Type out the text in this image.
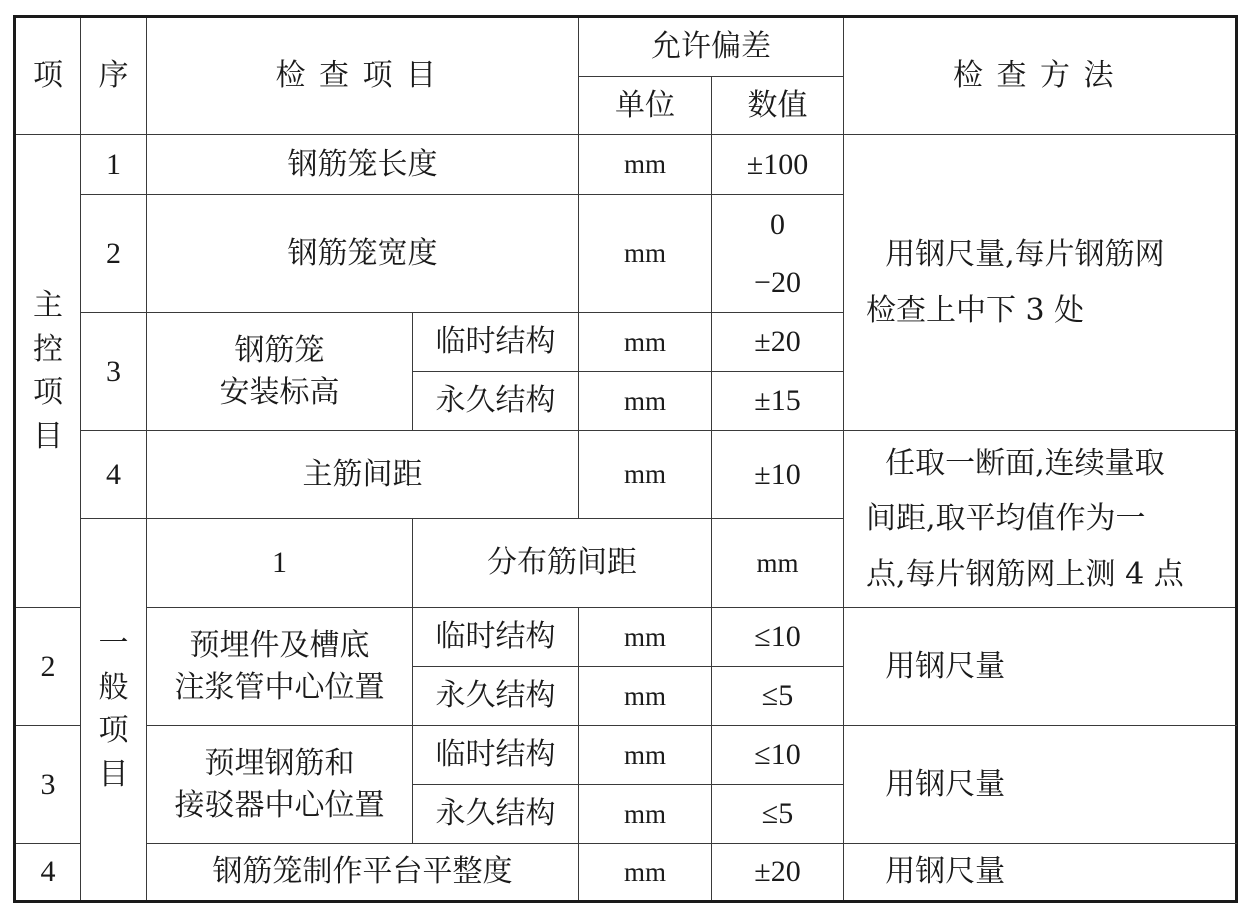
项	序	检查项目		允许偏差		检查方法	
				单位	数值		
主控项目	1	钢筋笼长度		mm	±100	用钢尺量,每片钢筋网
检查上中下 3 处	

	2	钢筋笼宽度		mm	0
−20		

	3	钢筋笼
安装标高	临时结构	mm	±20		
			永久结构	mm	±15		
	4	主筋间距		mm	±10	任取一断面,连续量取
间距,取平均值作为一
点,每片钢筋网上测 4 点	

	一般项目	1	分布筋间距		mm	
2		预埋件及槽底
注浆管中心位置	临时结构	mm	≤10	用钢尺量	
			永久结构	mm	≤5		
3		预埋钢筋和
接驳器中心位置	临时结构	mm	≤10	用钢尺量	
			永久结构	mm	≤5		
4		钢筋笼制作平台平整度		mm	±20	用钢尺量	
